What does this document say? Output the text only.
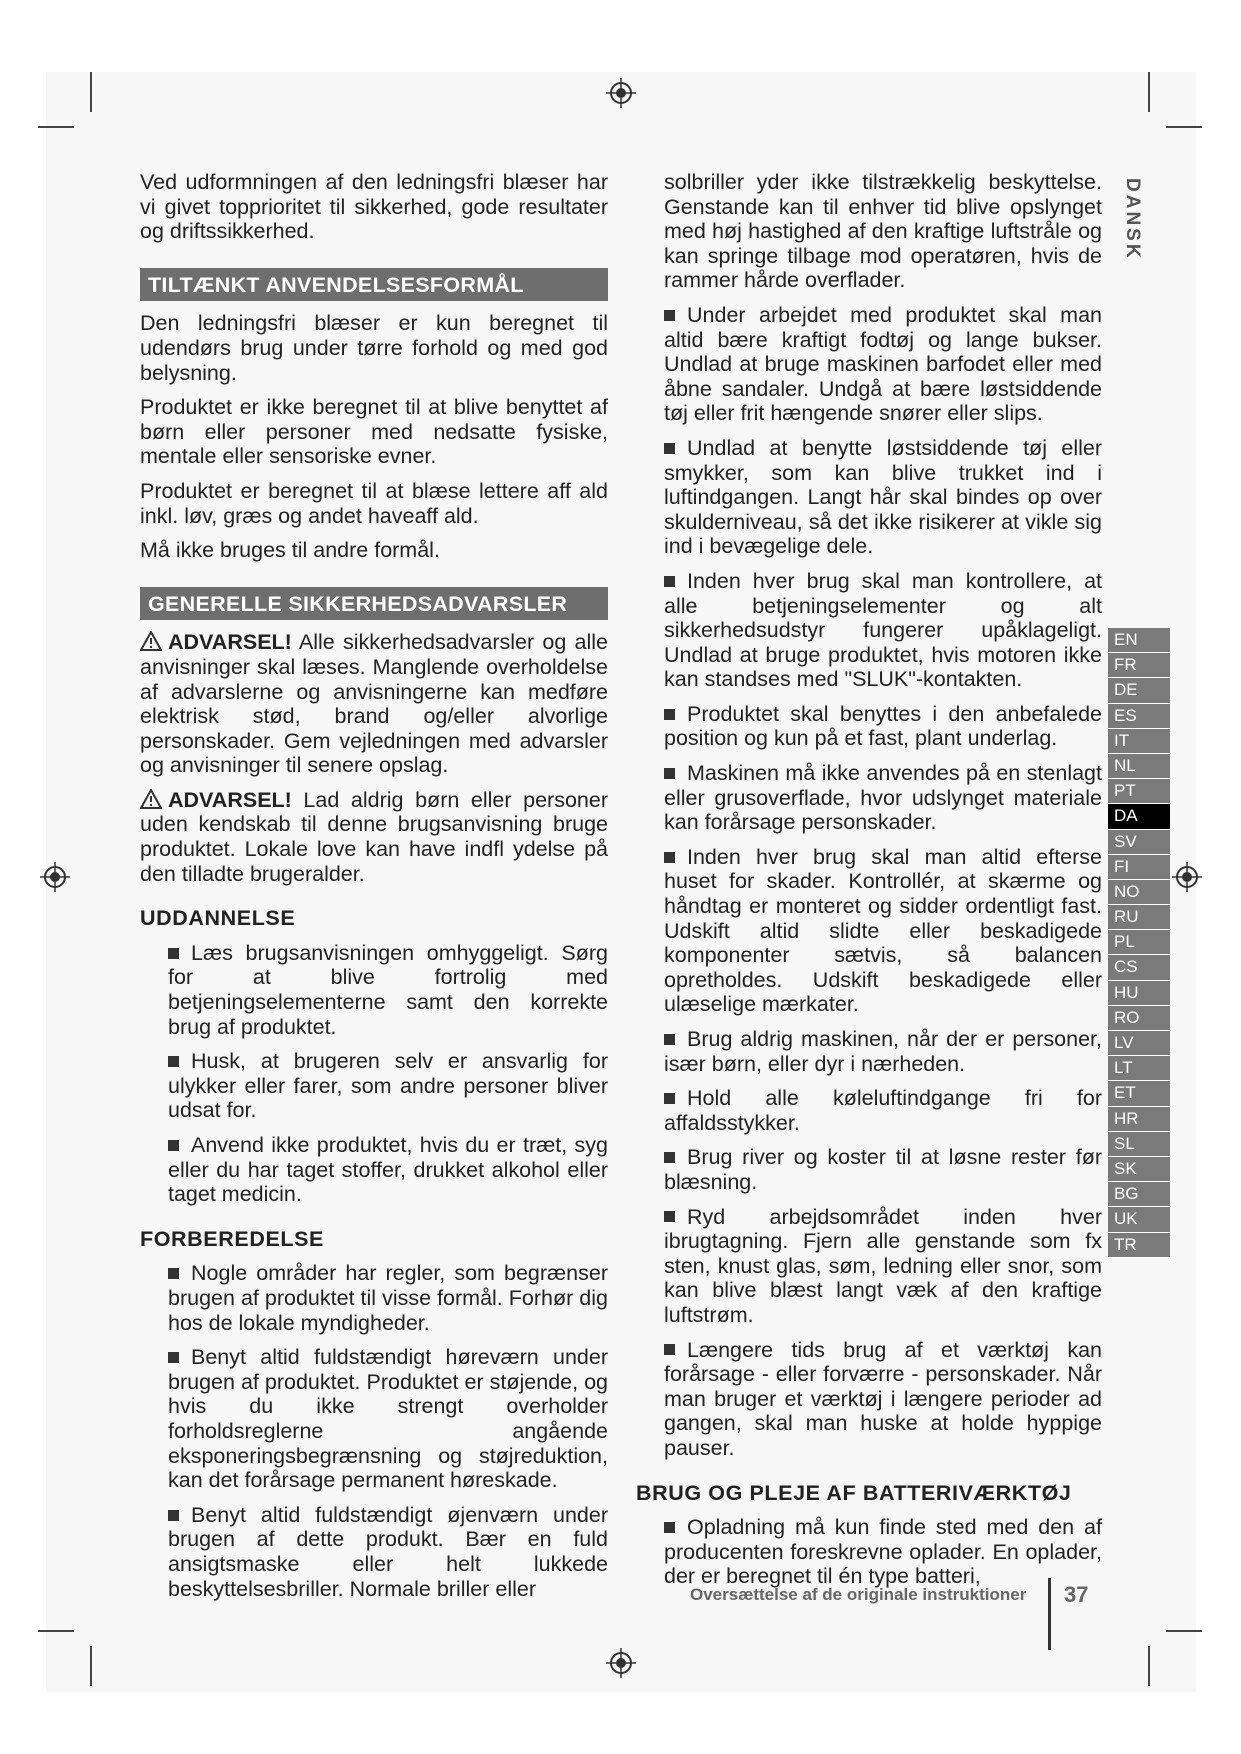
Ved udformningen af den ledningsfri blæser har vi givet topprioritet til sikkerhed, gode resultater og driftssikkerhed.

TILTÆNKT ANVENDELSESFORMÅL

Den ledningsfri blæser er kun beregnet til udendørs brug under tørre forhold og med god belysning.

Produktet er ikke beregnet til at blive benyttet af børn eller personer med nedsatte fysiske, mentale eller sensoriske evner.

Produktet er beregnet til at blæse lettere aff ald inkl. løv, græs og andet haveaff ald.

Må ikke bruges til andre formål.

GENERELLE SIKKERHEDSADVARSLER

ADVARSEL! Alle sikkerhedsadvarsler og alle anvisninger skal læses. Manglende overholdelse af advarslerne og anvisningerne kan medføre elektrisk stød, brand og/eller alvorlige personskader. Gem vejledningen med advarsler og anvisninger til senere opslag.

ADVARSEL! Lad aldrig børn eller personer uden kendskab til denne brugsanvisning bruge produktet. Lokale love kan have indfl ydelse på den tilladte brugeralder.

UDDANNELSE

Læs brugsanvisningen omhyggeligt. Sørg for at blive fortrolig med betjeningselementerne samt den korrekte brug af produktet.

Husk, at brugeren selv er ansvarlig for ulykker eller farer, som andre personer bliver udsat for.

Anvend ikke produktet, hvis du er træt, syg eller du har taget stoffer, drukket alkohol eller taget medicin.

FORBEREDELSE

Nogle områder har regler, som begrænser brugen af produktet til visse formål. Forhør dig hos de lokale myndigheder.

Benyt altid fuldstændigt høreværn under brugen af produktet. Produktet er støjende, og hvis du ikke strengt overholder forholdsreglerne angående eksponeringsbegrænsning og støjreduktion, kan det forårsage permanent høreskade.

Benyt altid fuldstændigt øjenværn under brugen af dette produkt. Bær en fuld ansigtsmaske eller helt lukkede beskyttelsesbriller. Normale briller eller

solbriller yder ikke tilstrækkelig beskyttelse. Genstande kan til enhver tid blive opslynget med høj hastighed af den kraftige luftstråle og kan springe tilbage mod operatøren, hvis de rammer hårde overflader.

Under arbejdet med produktet skal man altid bære kraftigt fodtøj og lange bukser. Undlad at bruge maskinen barfodet eller med åbne sandaler. Undgå at bære løstsiddende tøj eller frit hængende snører eller slips.

Undlad at benytte løstsiddende tøj eller smykker, som kan blive trukket ind i luftindgangen. Langt hår skal bindes op over skulderniveau, så det ikke risikerer at vikle sig ind i bevægelige dele.

Inden hver brug skal man kontrollere, at alle betjeningselementer og alt sikkerhedsudstyr fungerer upåklageligt. Undlad at bruge produktet, hvis motoren ikke kan standses med "SLUK"-kontakten.

Produktet skal benyttes i den anbefalede position og kun på et fast, plant underlag.

Maskinen må ikke anvendes på en stenlagt eller grusoverflade, hvor udslynget materiale kan forårsage personskader.

Inden hver brug skal man altid efterse huset for skader. Kontrollér, at skærme og håndtag er monteret og sidder ordentligt fast. Udskift altid slidte eller beskadigede komponenter sætvis, så balancen opretholdes. Udskift beskadigede eller ulæselige mærkater.

Brug aldrig maskinen, når der er personer, især børn, eller dyr i nærheden.

Hold alle køleluftindgange fri for affaldsstykker.

Brug river og koster til at løsne rester før blæsning.

Ryd arbejdsområdet inden hver ibrugtagning. Fjern alle genstande som fx sten, knust glas, søm, ledning eller snor, som kan blive blæst langt væk af den kraftige luftstrøm.

Længere tids brug af et værktøj kan forårsage - eller forværre - personskader. Når man bruger et værktøj i længere perioder ad gangen, skal man huske at holde hyppige pauser.

BRUG OG PLEJE AF BATTERIVÆRKTØJ

Opladning må kun finde sted med den af producenten foreskrevne oplader. En oplader, der er beregnet til én type batteri,

DANSK
EN
FR
DE
ES
IT
NL
PT
DA
SV
FI
NO
RU
PL
CS
HU
RO
LV
LT
ET
HR
SL
SK
BG
UK
TR
Oversættelse af de originale instruktioner 37
